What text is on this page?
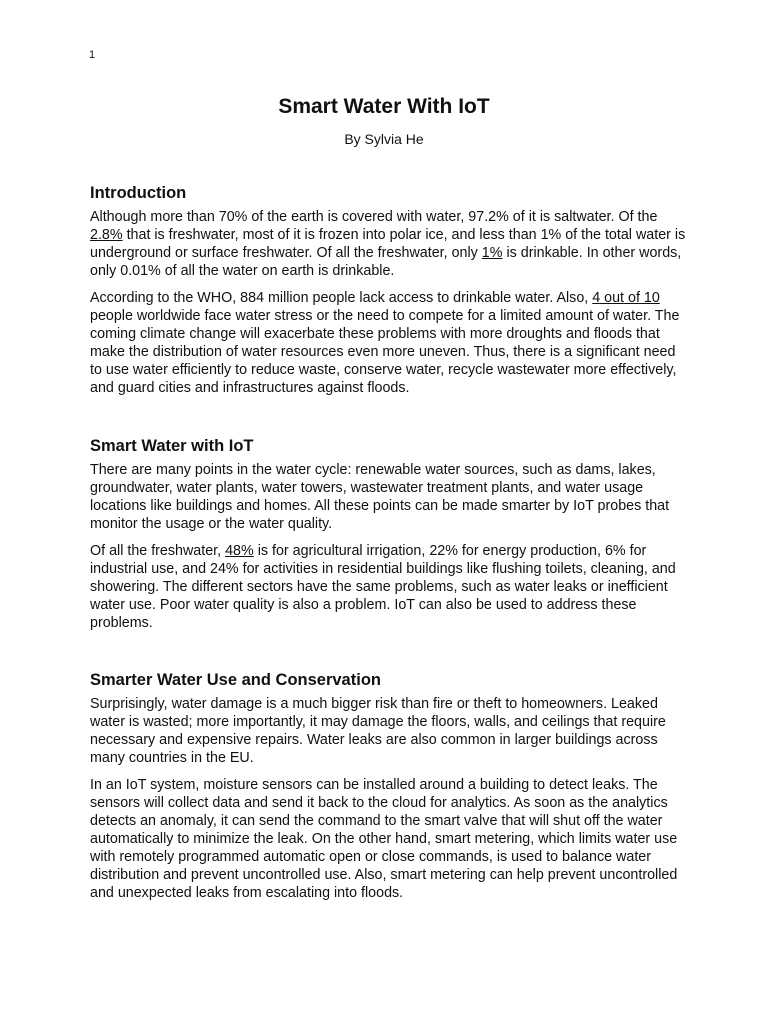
1
Smart Water With IoT
By Sylvia He
Introduction

Although more than 70% of the earth is covered with water, 97.2% of it is saltwater. Of the 2.8% that is freshwater, most of it is frozen into polar ice, and less than 1% of the total water is underground or surface freshwater. Of all the freshwater, only 1% is drinkable. In other words, only 0.01% of all the water on earth is drinkable.

According to the WHO, 884 million people lack access to drinkable water. Also, 4 out of 10 people worldwide face water stress or the need to compete for a limited amount of water. The coming climate change will exacerbate these problems with more droughts and floods that make the distribution of water resources even more uneven. Thus, there is a significant need to use water efficiently to reduce waste, conserve water, recycle wastewater more effectively, and guard cities and infrastructures against floods.

Smart Water with IoT

There are many points in the water cycle: renewable water sources, such as dams, lakes, groundwater, water plants, water towers, wastewater treatment plants, and water usage locations like buildings and homes. All these points can be made smarter by IoT probes that monitor the usage or the water quality.

Of all the freshwater, 48% is for agricultural irrigation, 22% for energy production, 6% for industrial use, and 24% for activities in residential buildings like flushing toilets, cleaning, and showering. The different sectors have the same problems, such as water leaks or inefficient water use. Poor water quality is also a problem. IoT can also be used to address these problems.

Smarter Water Use and Conservation

Surprisingly, water damage is a much bigger risk than fire or theft to homeowners. Leaked water is wasted; more importantly, it may damage the floors, walls, and ceilings that require necessary and expensive repairs. Water leaks are also common in larger buildings across many countries in the EU.

In an IoT system, moisture sensors can be installed around a building to detect leaks. The sensors will collect data and send it back to the cloud for analytics. As soon as the analytics detects an anomaly, it can send the command to the smart valve that will shut off the water automatically to minimize the leak. On the other hand, smart metering, which limits water use with remotely programmed automatic open or close commands, is used to balance water distribution and prevent uncontrolled use. Also, smart metering can help prevent uncontrolled and unexpected leaks from escalating into floods.
